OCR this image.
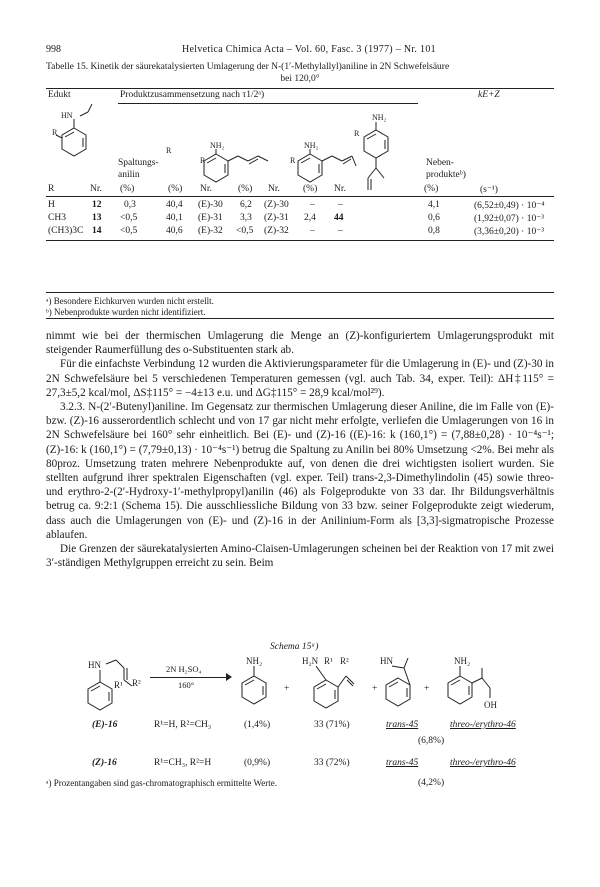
998	Helvetica Chimica Acta – Vol. 60, Fasc. 3 (1977) – Nr. 101
Tabelle 15. Kinetik der säurekatalysierten Umlagerung der N-(1′-Methylallyl)aniline in 2N Schwefelsäure
bei 120,0°
Edukt	Produktzusammensetzung nach τ1/2ᵃ)	kE+Z
HN
R
NH₂	NH₂
NH₂
R
Spaltungs-
anilin
R
R	R	Neben-
produkteᵇ)
R	Nr. (%)	(%) Nr.	(%) Nr. (%) Nr.	(%)	(s⁻¹)
H	12 0,3	40,4 (E)-30 6,2 (Z)-30 – –	4,1	(6,52±0,49) · 10⁻⁴
CH3	13 <0,5	40,1 (E)-31 3,3 (Z)-31 2,4 44	0,6	(1,92±0,07) · 10⁻³
(CH3)3C 14 <0,5	40,6 (E)-32 <0,5 (Z)-32 – –	0,8	(3,36±0,20) · 10⁻³
ᵃ) Besondere Eichkurven wurden nicht erstellt.
ᵇ) Nebenprodukte wurden nicht identifiziert.

nimmt wie bei der thermischen Umlagerung die Menge an (Z)-konfiguriertem Umlagerungsprodukt mit steigender Raumerfüllung des o-Substituenten stark ab.

Für die einfachste Verbindung 12 wurden die Aktivierungsparameter für die Umlagerung in (E)- und (Z)-30 in 2N Schwefelsäure bei 5 verschiedenen Temperaturen gemessen (vgl. auch Tab. 34, exper. Teil): ΔH‡115° = 27,3±5,2 kcal/mol, ΔS‡115° = −4±13 e.u. und ΔG‡115° = 28,9 kcal/mol²⁹).

3.2.3. N-(2′-Butenyl)aniline. Im Gegensatz zur thermischen Umlagerung dieser Aniline, die im Falle von (E)- bzw. (Z)-16 ausserordentlich schlecht und von 17 gar nicht mehr erfolgte, verliefen die Umlagerungen von 16 in 2N Schwefelsäure bei 160° sehr einheitlich. Bei (E)- und (Z)-16 ((E)-16: k (160,1°) = (7,88±0,28) · 10⁻⁴s⁻¹; (Z)-16: k (160,1°) = (7,79±0,13) · 10⁻⁴s⁻¹) betrug die Spaltung zu Anilin bei 80% Umsetzung <2%. Bei mehr als 80proz. Umsetzung traten mehrere Nebenprodukte auf, von denen die drei wichtigsten isoliert wurden. Sie stellten aufgrund ihrer spektralen Eigenschaften (vgl. exper. Teil) trans-2,3-Dimethylindolin (45) sowie threo- und erythro-2-(2′-Hydroxy-1′-methylpropyl)anilin (46) als Folgeprodukte von 33 dar. Ihr Bildungsverhältnis betrug ca. 9:2:1 (Schema 15). Die ausschliessliche Bildung von 33 bzw. seiner Folgeprodukte zeigt wiederum, dass auch die Umlagerungen von (E)- und (Z)-16 in der Anilinium-Form als [3,3]-sigmatropische Prozesse ablaufen.

Die Grenzen der säurekatalysierten Amino-Claisen-Umlagerungen scheinen bei der Reaktion von 17 mit zwei 3′-ständigen Methylgruppen erreicht zu sein. Beim

Schema 15ᵃ)
HN
R¹ R²
2N H₂SO₄
160°
NH₂
+
H₂N R¹ R²
+
HN
+
NH₂
OH
(E)-16	R¹=H, R²=CH₃	(1,4%)	33 (71%)	trans-45	threo-/erythro-46
(6,8%)
(Z)-16	R¹=CH₃, R²=H	(0,9%)	33 (72%)	trans-45	threo-/erythro-46
(4,2%)
ᵃ) Prozentangaben sind gas-chromatographisch ermittelte Werte.
